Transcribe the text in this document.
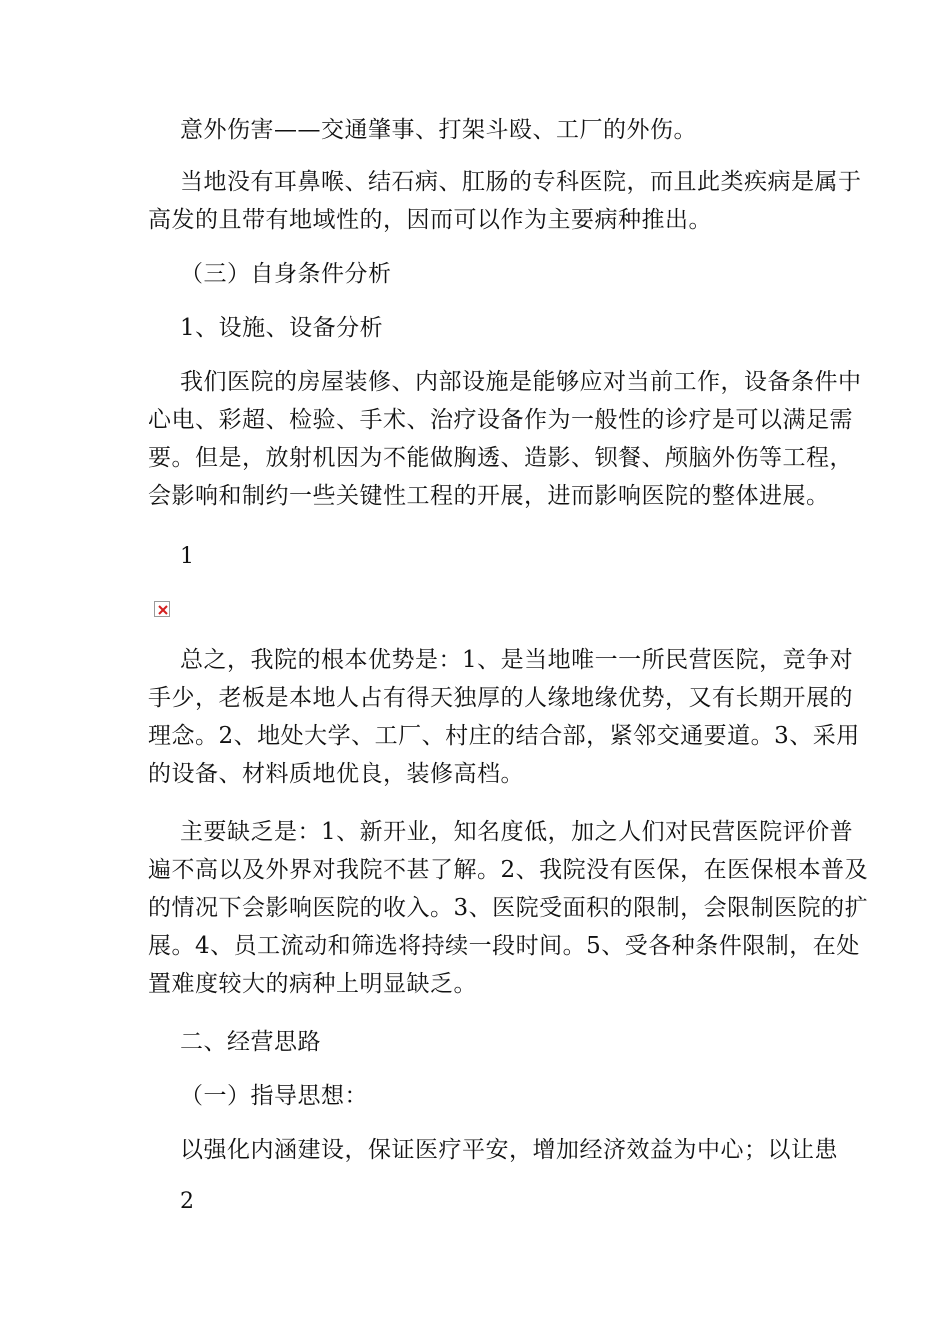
意外伤害——交通肇事、打架斗殴、工厂的外伤。
当地没有耳鼻喉、结石病、肛肠的专科医院，而且此类疾病是属于
高发的且带有地域性的，因而可以作为主要病种推出。
（三）自身条件分析
1、设施、设备分析
我们医院的房屋装修、内部设施是能够应对当前工作，设备条件中
心电、彩超、检验、手术、治疗设备作为一般性的诊疗是可以满足需
要。但是，放射机因为不能做胸透、造影、钡餐、颅脑外伤等工程，
会影响和制约一些关键性工程的开展，进而影响医院的整体进展。
1
总之，我院的根本优势是：1、是当地唯一一所民营医院，竞争对
手少，老板是本地人占有得天独厚的人缘地缘优势，又有长期开展的
理念。2、地处大学、工厂、村庄的结合部，紧邻交通要道。3、采用
的设备、材料质地优良，装修高档。
主要缺乏是：1、新开业，知名度低，加之人们对民营医院评价普
遍不高以及外界对我院不甚了解。2、我院没有医保，在医保根本普及
的情况下会影响医院的收入。3、医院受面积的限制，会限制医院的扩
展。4、员工流动和筛选将持续一段时间。5、受各种条件限制，在处
置难度较大的病种上明显缺乏。
二、经营思路
（一）指导思想：
以强化内涵建设，保证医疗平安，增加经济效益为中心；以让患
2
